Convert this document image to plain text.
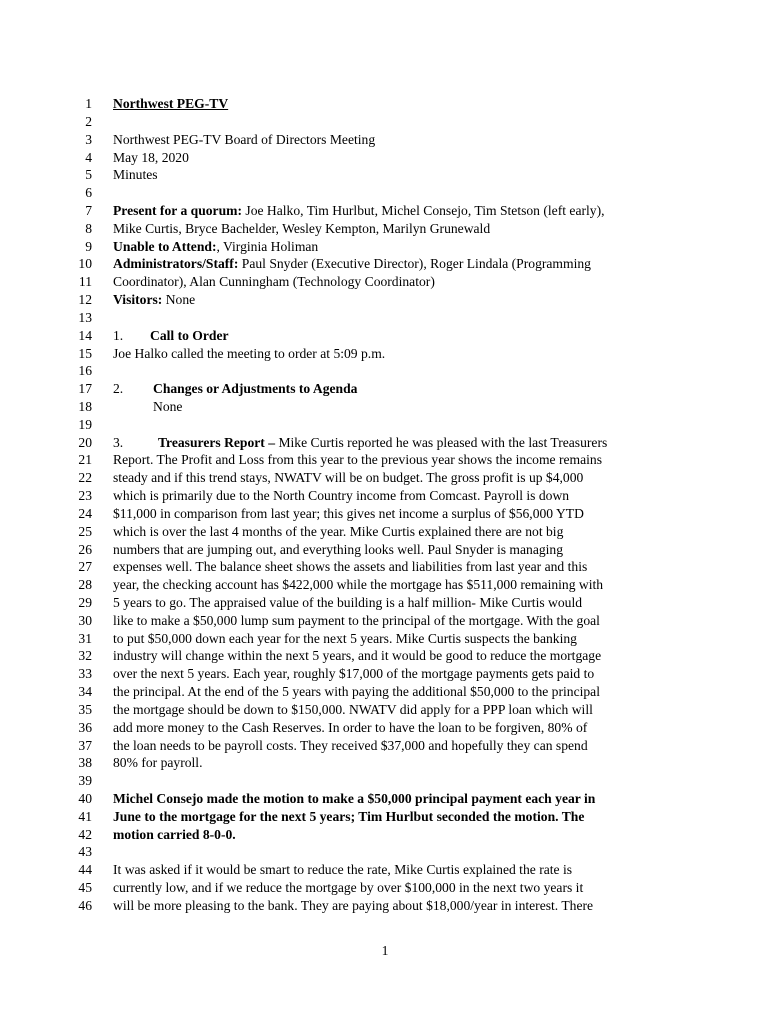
1 Northwest PEG-TV
2
3 Northwest PEG-TV Board of Directors Meeting
4 May 18, 2020
5 Minutes
6
7 Present for a quorum: Joe Halko, Tim Hurlbut, Michel Consejo, Tim Stetson (left early),
8 Mike Curtis, Bryce Bachelder, Wesley Kempton, Marilyn Grunewald
9 Unable to Attend:, Virginia Holiman
10 Administrators/Staff: Paul Snyder (Executive Director), Roger Lindala (Programming
11 Coordinator), Alan Cunningham (Technology Coordinator)
12 Visitors: None
13
14 1. Call to Order
15 Joe Halko called the meeting to order at 5:09 p.m.
16
17 2. Changes or Adjustments to Agenda
18	None
19
20 3.	Treasurers Report – Mike Curtis reported he was pleased with the last Treasurers
21 Report. The Profit and Loss from this year to the previous year shows the income remains
22 steady and if this trend stays, NWATV will be on budget. The gross profit is up $4,000
23 which is primarily due to the North Country income from Comcast. Payroll is down
24 $11,000 in comparison from last year; this gives net income a surplus of $56,000 YTD
25 which is over the last 4 months of the year. Mike Curtis explained there are not big
26 numbers that are jumping out, and everything looks well. Paul Snyder is managing
27 expenses well. The balance sheet shows the assets and liabilities from last year and this
28 year, the checking account has $422,000 while the mortgage has $511,000 remaining with
29 5 years to go. The appraised value of the building is a half million- Mike Curtis would
30 like to make a $50,000 lump sum payment to the principal of the mortgage. With the goal
31 to put $50,000 down each year for the next 5 years. Mike Curtis suspects the banking
32 industry will change within the next 5 years, and it would be good to reduce the mortgage
33 over the next 5 years. Each year, roughly $17,000 of the mortgage payments gets paid to
34 the principal. At the end of the 5 years with paying the additional $50,000 to the principal
35 the mortgage should be down to $150,000. NWATV did apply for a PPP loan which will
36 add more money to the Cash Reserves. In order to have the loan to be forgiven, 80% of
37 the loan needs to be payroll costs. They received $37,000 and hopefully they can spend
38 80% for payroll.
39
40 Michel Consejo made the motion to make a $50,000 principal payment each year in
41 June to the mortgage for the next 5 years; Tim Hurlbut seconded the motion. The
42 motion carried 8-0-0.
43
44 It was asked if it would be smart to reduce the rate, Mike Curtis explained the rate is
45 currently low, and if we reduce the mortgage by over $100,000 in the next two years it
46 will be more pleasing to the bank. They are paying about $18,000/year in interest. There
1
